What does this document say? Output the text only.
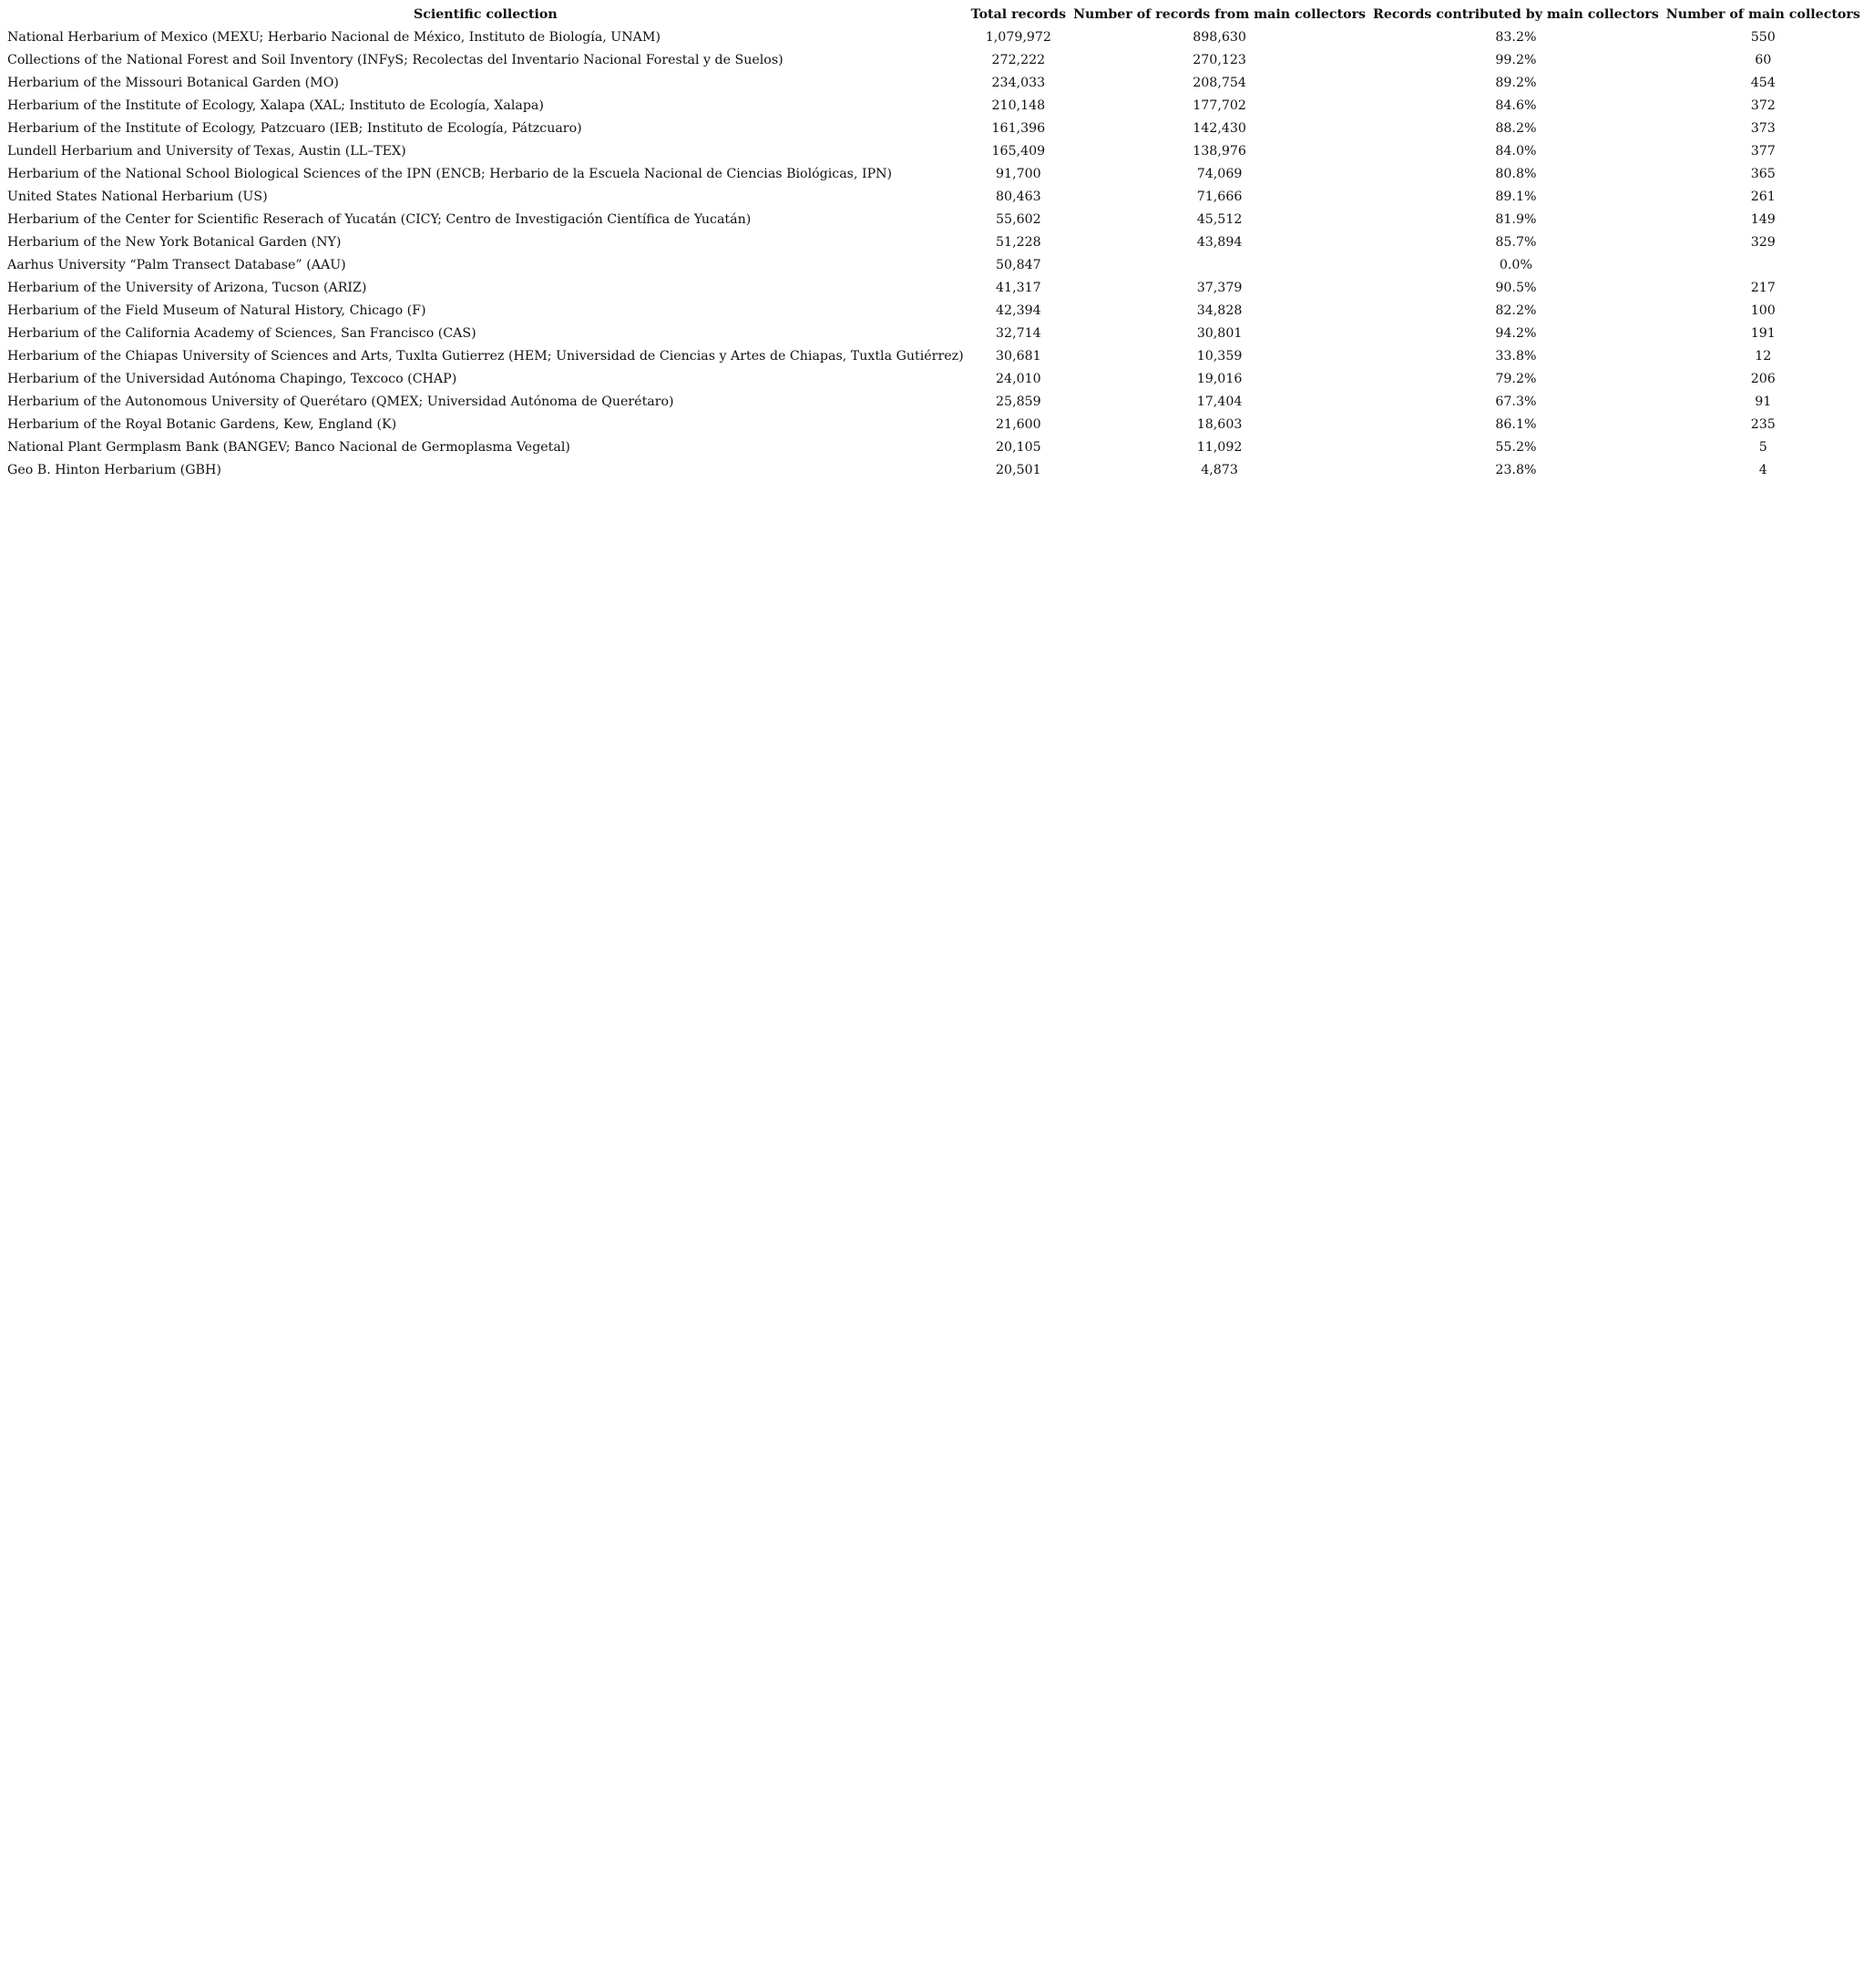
Scientific collection	Total records	Number of records from main collectors	Records contributed by main collectors	Number of main collectors
National Herbarium of Mexico (MEXU; Herbario Nacional de México, Instituto de Biología, UNAM)	1,079,972	898,630	83.2%	550
Collections of the National Forest and Soil Inventory (INFyS; Recolectas del Inventario Nacional Forestal y de Suelos)	272,222	270,123	99.2%	60
Herbarium of the Missouri Botanical Garden (MO)	234,033	208,754	89.2%	454
Herbarium of the Institute of Ecology, Xalapa (XAL; Instituto de Ecología, Xalapa)	210,148	177,702	84.6%	372
Herbarium of the Institute of Ecology, Patzcuaro (IEB; Instituto de Ecología, Pátzcuaro)	161,396	142,430	88.2%	373
Lundell Herbarium and University of Texas, Austin (LL–TEX)	165,409	138,976	84.0%	377
Herbarium of the National School Biological Sciences of the IPN (ENCB; Herbario de la Escuela Nacional de Ciencias Biológicas, IPN)	91,700	74,069	80.8%	365
United States National Herbarium (US)	80,463	71,666	89.1%	261
Herbarium of the Center for Scientific Reserach of Yucatán (CICY; Centro de Investigación Científica de Yucatán)	55,602	45,512	81.9%	149
Herbarium of the New York Botanical Garden (NY)	51,228	43,894	85.7%	329
Aarhus University “Palm Transect Database” (AAU)	50,847		0.0%	
Herbarium of the University of Arizona, Tucson (ARIZ)	41,317	37,379	90.5%	217
Herbarium of the Field Museum of Natural History, Chicago (F)	42,394	34,828	82.2%	100
Herbarium of the California Academy of Sciences, San Francisco (CAS)	32,714	30,801	94.2%	191
Herbarium of the Chiapas University of Sciences and Arts, Tuxlta Gutierrez (HEM; Universidad de Ciencias y Artes de Chiapas, Tuxtla Gutiérrez)	30,681	10,359	33.8%	12
Herbarium of the Universidad Autónoma Chapingo, Texcoco (CHAP)	24,010	19,016	79.2%	206
Herbarium of the Autonomous University of Querétaro (QMEX; Universidad Autónoma de Querétaro)	25,859	17,404	67.3%	91
Herbarium of the Royal Botanic Gardens, Kew, England (K)	21,600	18,603	86.1%	235
National Plant Germplasm Bank (BANGEV; Banco Nacional de Germoplasma Vegetal)	20,105	11,092	55.2%	5
Geo B. Hinton Herbarium (GBH)	20,501	4,873	23.8%	4
